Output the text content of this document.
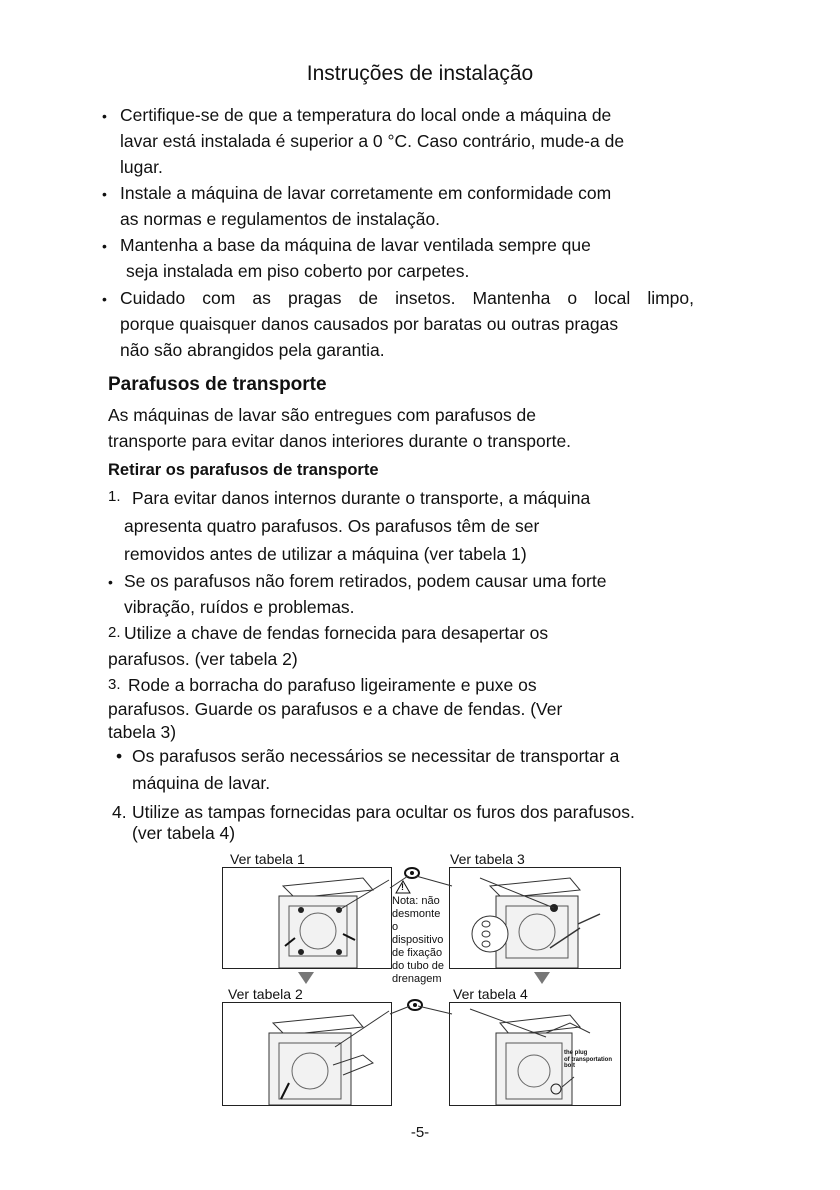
Instruções de instalação
• Certifique-se de que a temperatura do local onde a máquina de
lavar está instalada é superior a 0 °C. Caso contrário, mude-a de
lugar.
• Instale a máquina de lavar corretamente em conformidade com
as normas e regulamentos de instalação.
• Mantenha a base da máquina de lavar ventilada sempre que
seja instalada em piso coberto por carpetes.
• Cuidado com as pragas de insetos. Mantenha o local limpo,
porque quaisquer danos causados por baratas ou outras pragas
não são abrangidos pela garantia.
Parafusos de transporte
As máquinas de lavar são entregues com parafusos de
transporte para evitar danos interiores durante o transporte.
Retirar os parafusos de transporte
1. Para evitar danos internos durante o transporte, a máquina
apresenta quatro parafusos. Os parafusos têm de ser
removidos antes de utilizar a máquina (ver tabela 1)
• Se os parafusos não forem retirados, podem causar uma forte
vibração, ruídos e problemas.
2. Utilize a chave de fendas fornecida para desapertar os
parafusos. (ver tabela 2)
3. Rode a borracha do parafuso ligeiramente e puxe os
parafusos. Guarde os parafusos e a chave de fendas. (Ver
tabela 3)
• Os parafusos serão necessários se necessitar de transportar a
máquina de lavar.
4. Utilize as tampas fornecidas para ocultar os furos dos parafusos.
(ver tabela 4)
Ver tabela 1	Ver tabela 3
Ver tabela 2	Ver tabela 4
!
Nota: não
desmonte
o
dispositivo
de fixação
do tubo de
drenagem
the plug
of transportation
bolt
-5-
